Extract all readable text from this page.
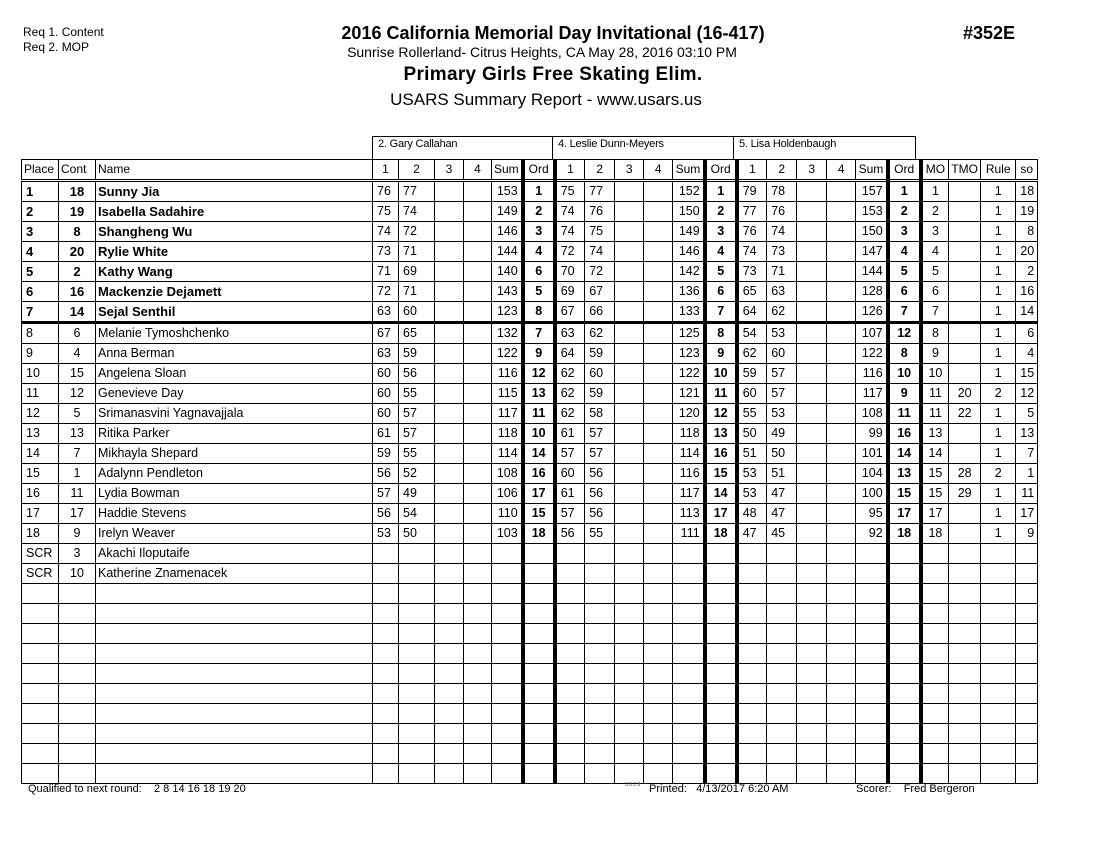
Req 1. Content
Req 2. MOP
2016 California Memorial Day Invitational (16-417)
Sunrise Rollerland- Citrus Heights, CA May 28, 2016 03:10 PM
Primary Girls Free Skating Elim.
USARS Summary Report - www.usars.us
#352E
2. Gary Callahan	4. Leslie Dunn-Meyers	5. Lisa Holdenbaugh
Place	Cont	Name	1	2	3	4	Sum	Ord	1	2	3	4	Sum	Ord	1	2	3	4	Sum	Ord	MO	TMO	Rule	so
1	18	Sunny Jia	76	77			153	1	75	77			152	1	79	78			157	1	1		1	18
2	19	Isabella Sadahire	75	74			149	2	74	76			150	2	77	76			153	2	2		1	19
3	8	Shangheng Wu	74	72			146	3	74	75			149	3	76	74			150	3	3		1	8
4	20	Rylie White	73	71			144	4	72	74			146	4	74	73			147	4	4		1	20
5	2	Kathy Wang	71	69			140	6	70	72			142	5	73	71			144	5	5		1	2
6	16	Mackenzie Dejamett	72	71			143	5	69	67			136	6	65	63			128	6	6		1	16
7	14	Sejal Senthil	63	60			123	8	67	66			133	7	64	62			126	7	7		1	14
8	6	Melanie Tymoshchenko	67	65			132	7	63	62			125	8	54	53			107	12	8		1	6
9	4	Anna Berman	63	59			122	9	64	59			123	9	62	60			122	8	9		1	4
10	15	Angelena Sloan	60	56			116	12	62	60			122	10	59	57			116	10	10		1	15
11	12	Genevieve Day	60	55			115	13	62	59			121	11	60	57			117	9	11	20	2	12
12	5	Srimanasvini Yagnavajjala	60	57			117	11	62	58			120	12	55	53			108	11	11	22	1	5
13	13	Ritika Parker	61	57			118	10	61	57			118	13	50	49			99	16	13		1	13
14	7	Mikhayla Shepard	59	55			114	14	57	57			114	16	51	50			101	14	14		1	7
15	1	Adalynn Pendleton	56	52			108	16	60	56			116	15	53	51			104	13	15	28	2	1
16	11	Lydia Bowman	57	49			106	17	61	56			117	14	53	47			100	15	15	29	1	11
17	17	Haddie Stevens	56	54			110	15	57	56			113	17	48	47			95	17	17		1	17
18	9	Irelyn Weaver	53	50			103	18	56	55			111	18	47	45			92	18	18		1	9
SCR	3	Akachi Iloputaife																						
SCR	10	Katherine Znamenacek																						

Qualified to next round: 2 8 14 16 18 19 20	3.8.1.8 Printed: 4/13/2017 6:20 AM	Scorer: Fred Bergeron
